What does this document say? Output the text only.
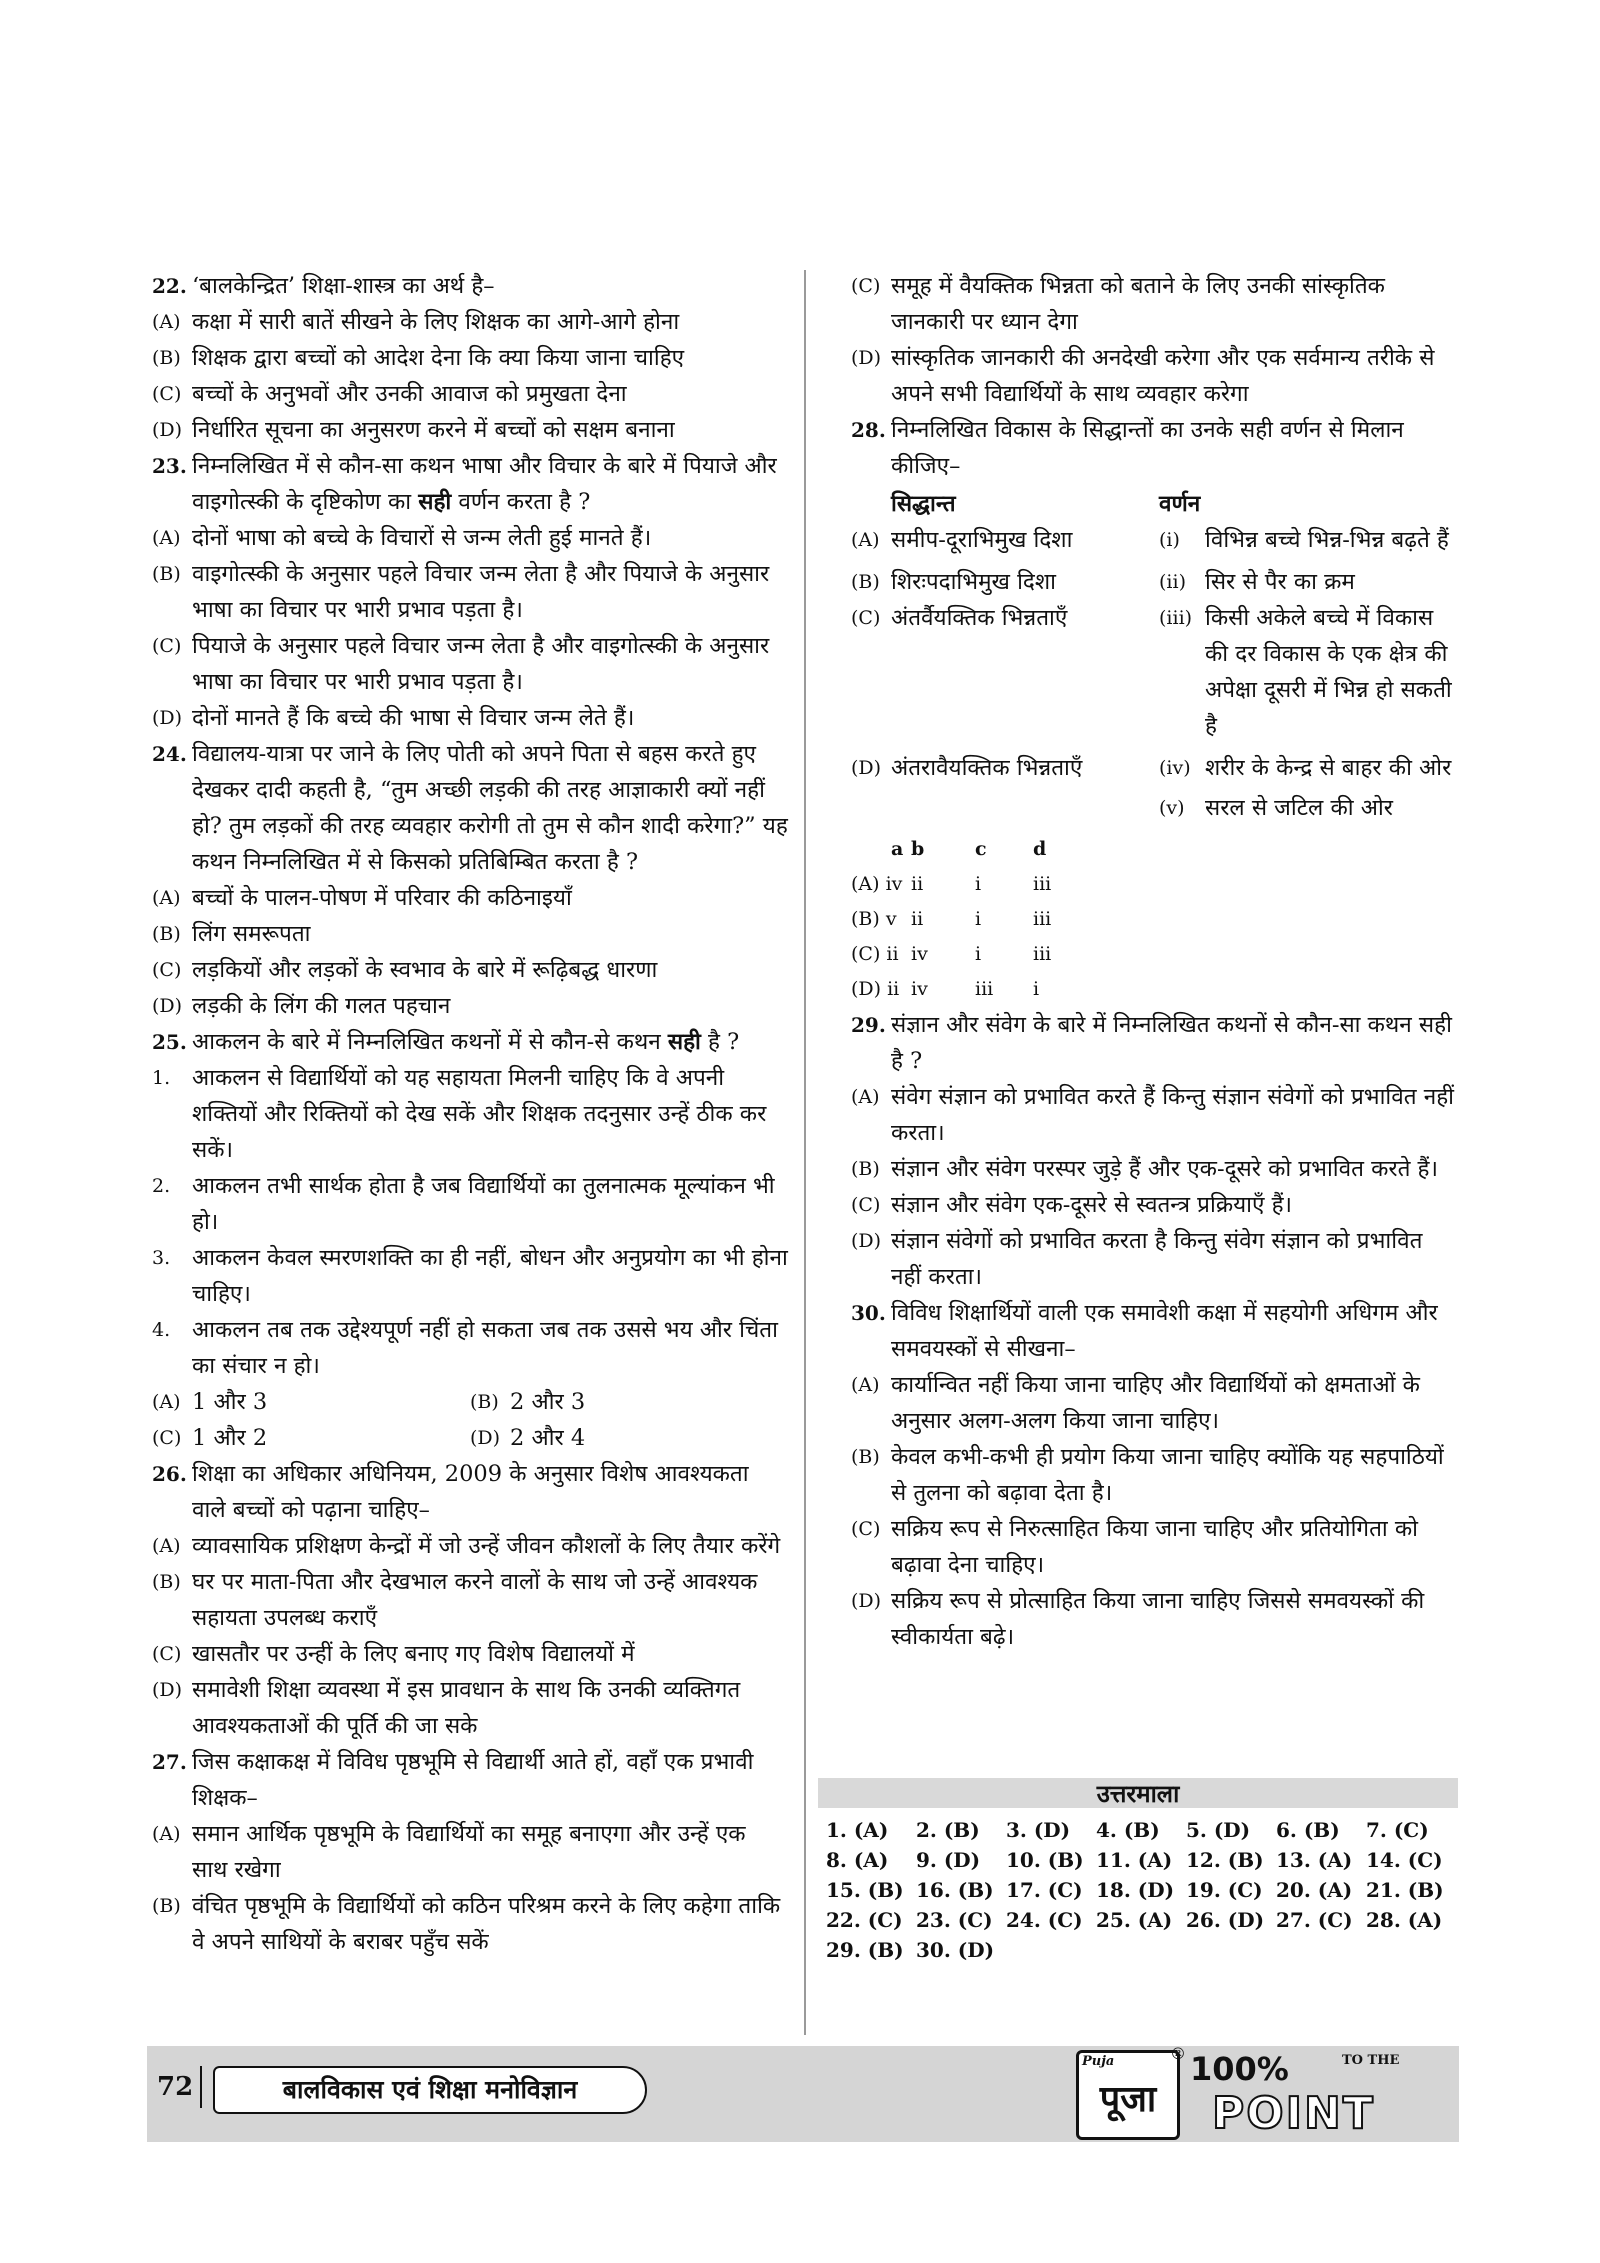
22. ‘बालकेन्द्रित’ शिक्षा-शास्त्र का अर्थ है–
(A) कक्षा में सारी बातें सीखने के लिए शिक्षक का आगे-आगे होना
(B) शिक्षक द्वारा बच्चों को आदेश देना कि क्या किया जाना चाहिए
(C) बच्चों के अनुभवों और उनकी आवाज को प्रमुखता देना
(D) निर्धारित सूचना का अनुसरण करने में बच्चों को सक्षम बनाना
23. निम्नलिखित में से कौन-सा कथन भाषा और विचार के बारे में पियाजे और वाइगोत्स्की के दृष्टिकोण का सही वर्णन करता है ?
(A) दोनों भाषा को बच्चे के विचारों से जन्म लेती हुई मानते हैं।
(B) वाइगोत्स्की के अनुसार पहले विचार जन्म लेता है और पियाजे के अनुसार भाषा का विचार पर भारी प्रभाव पड़ता है।
(C) पियाजे के अनुसार पहले विचार जन्म लेता है और वाइगोत्स्की के अनुसार भाषा का विचार पर भारी प्रभाव पड़ता है।
(D) दोनों मानते हैं कि बच्चे की भाषा से विचार जन्म लेते हैं।
24. विद्यालय-यात्रा पर जाने के लिए पोती को अपने पिता से बहस करते हुए देखकर दादी कहती है, “तुम अच्छी लड़की की तरह आज्ञाकारी क्यों नहीं हो? तुम लड़कों की तरह व्यवहार करोगी तो तुम से कौन शादी करेगा?” यह कथन निम्नलिखित में से किसको प्रतिबिम्बित करता है ?
(A) बच्चों के पालन-पोषण में परिवार की कठिनाइयाँ
(B) लिंग समरूपता
(C) लड़कियों और लड़कों के स्वभाव के बारे में रूढ़िबद्ध धारणा
(D) लड़की के लिंग की गलत पहचान
25. आकलन के बारे में निम्नलिखित कथनों में से कौन-से कथन सही है ?
1. आकलन से विद्यार्थियों को यह सहायता मिलनी चाहिए कि वे अपनी शक्तियों और रिक्तियों को देख सकें और शिक्षक तदनुसार उन्हें ठीक कर सकें।
2. आकलन तभी सार्थक होता है जब विद्यार्थियों का तुलनात्मक मूल्यांकन भी हो।
3. आकलन केवल स्मरणशक्ति का ही नहीं, बोधन और अनुप्रयोग का भी होना चाहिए।
4. आकलन तब तक उद्देश्यपूर्ण नहीं हो सकता जब तक उससे भय और चिंता का संचार न हो।
(A) 1 और 3	(B) 2 और 3
(C) 1 और 2	(D) 2 और 4
26. शिक्षा का अधिकार अधिनियम, 2009 के अनुसार विशेष आवश्यकता वाले बच्चों को पढ़ाना चाहिए–
(A) व्यावसायिक प्रशिक्षण केन्द्रों में जो उन्हें जीवन कौशलों के लिए तैयार करेंगे
(B) घर पर माता-पिता और देखभाल करने वालों के साथ जो उन्हें आवश्यक सहायता उपलब्ध कराएँ
(C) खासतौर पर उन्हीं के लिए बनाए गए विशेष विद्यालयों में
(D) समावेशी शिक्षा व्यवस्था में इस प्रावधान के साथ कि उनकी व्यक्तिगत आवश्यकताओं की पूर्ति की जा सके
27. जिस कक्षाकक्ष में विविध पृष्ठभूमि से विद्यार्थी आते हों, वहाँ एक प्रभावी शिक्षक–
(A) समान आर्थिक पृष्ठभूमि के विद्यार्थियों का समूह बनाएगा और उन्हें एक साथ रखेगा
(B) वंचित पृष्ठभूमि के विद्यार्थियों को कठिन परिश्रम करने के लिए कहेगा ताकि वे अपने साथियों के बराबर पहुँच सकें
(C) समूह में वैयक्तिक भिन्नता को बताने के लिए उनकी सांस्कृतिक जानकारी पर ध्यान देगा
(D) सांस्कृतिक जानकारी की अनदेखी करेगा और एक सर्वमान्य तरीके से अपने सभी विद्यार्थियों के साथ व्यवहार करेगा
28. निम्नलिखित विकास के सिद्धान्तों का उनके सही वर्णन से मिलान कीजिए–
सिद्धान्त	वर्णन
(A) समीप-दूराभिमुख दिशा	(i) विभिन्न बच्चे भिन्न-भिन्न बढ़ते हैं
(B) शिरःपदाभिमुख दिशा	(ii) सिर से पैर का क्रम
(C) अंतर्वैयक्तिक भिन्नताएँ	(iii) किसी अकेले बच्चे में विकास की दर विकास के एक क्षेत्र की अपेक्षा दूसरी में भिन्न हो सकती है
(D) अंतरावैयक्तिक भिन्नताएँ	(iv) शरीर के केन्द्र से बाहर की ओर
(v) सरल से जटिल की ओर
a b	c	d
(A) iv ii	i	iii
(B) v ii	i	iii
(C) ii iv	i	iii
(D) ii iv	iii	i
29. संज्ञान और संवेग के बारे में निम्नलिखित कथनों से कौन-सा कथन सही है ?
(A) संवेग संज्ञान को प्रभावित करते हैं किन्तु संज्ञान संवेगों को प्रभावित नहीं करता।
(B) संज्ञान और संवेग परस्पर जुड़े हैं और एक-दूसरे को प्रभावित करते हैं।
(C) संज्ञान और संवेग एक-दूसरे से स्वतन्त्र प्रक्रियाएँ हैं।
(D) संज्ञान संवेगों को प्रभावित करता है किन्तु संवेग संज्ञान को प्रभावित नहीं करता।
30. विविध शिक्षार्थियों वाली एक समावेशी कक्षा में सहयोगी अधिगम और समवयस्कों से सीखना–
(A) कार्यान्वित नहीं किया जाना चाहिए और विद्यार्थियों को क्षमताओं के अनुसार अलग-अलग किया जाना चाहिए।
(B) केवल कभी-कभी ही प्रयोग किया जाना चाहिए क्योंकि यह सहपाठियों से तुलना को बढ़ावा देता है।
(C) सक्रिय रूप से निरुत्साहित किया जाना चाहिए और प्रतियोगिता को बढ़ावा देना चाहिए।
(D) सक्रिय रूप से प्रोत्साहित किया जाना चाहिए जिससे समवयस्कों की स्वीकार्यता बढ़े।
उत्तरमाला
1. (A)	2. (B)	3. (D)	4. (B)	5. (D)	6. (B)	7. (C)
8. (A)	9. (D)	10. (B) 11. (A) 12. (B) 13. (A) 14. (C)
15. (B) 16. (B) 17. (C) 18. (D) 19. (C) 20. (A) 21. (B)
22. (C) 23. (C) 24. (C) 25. (A) 26. (D) 27. (C) 28. (A)
29. (B) 30. (D)
72	बालविकास एवं शिक्षा मनोविज्ञान	पूजा
Puja	® 100%	TO THE
POINT
